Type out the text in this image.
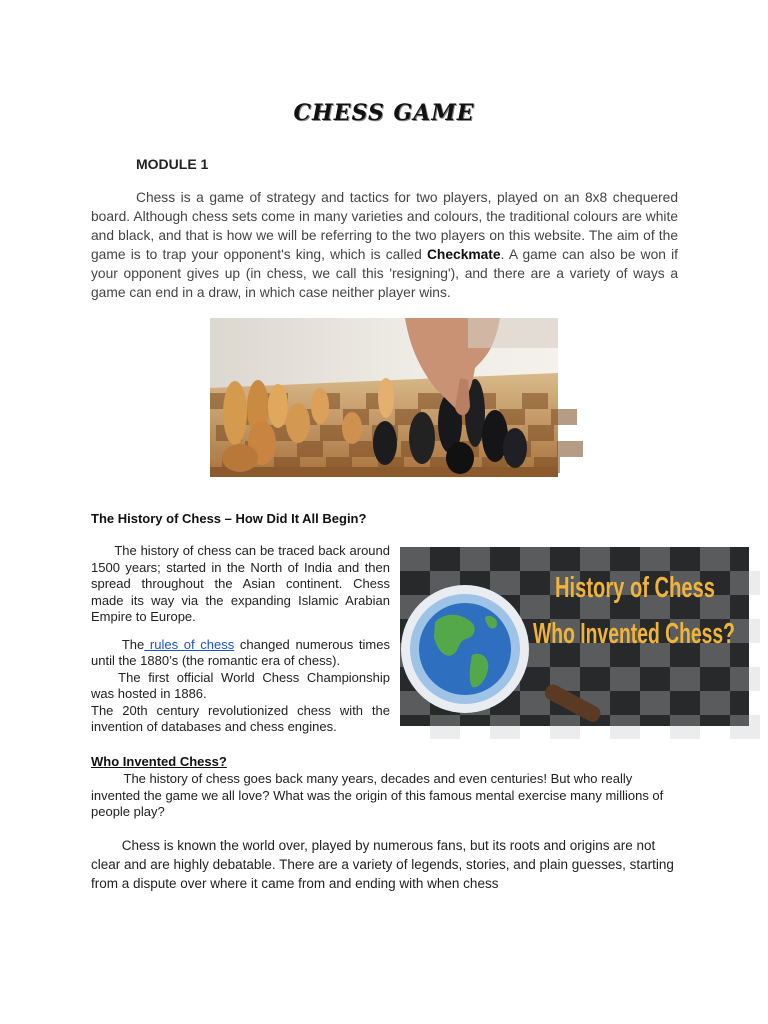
CHESS GAME
MODULE 1

Chess is a game of strategy and tactics for two players, played on an 8x8 chequered board. Although chess sets come in many varieties and colours, the traditional colours are white and black, and that is how we will be referring to the two players on this website. The aim of the game is to trap your opponent's king, which is called Checkmate. A game can also be won if your opponent gives up (in chess, we call this 'resigning'), and there are a variety of ways a game can end in a draw, in which case neither player wins.

The History of Chess – How Did It All Begin?

   The history of chess can be traced back around 1500 years; started in the North of India and then spread throughout the Asian continent. Chess made its way via the expanding Islamic Arabian Empire to Europe.

    The rules of chess changed numerous times until the 1880’s (the romantic era of chess).

   The first official World Chess Championship was hosted in 1886.

The 20th century revolutionized chess with the invention of databases and chess engines.

History of Chess
Who Invented Chess?
Who Invented Chess?

   The history of chess goes back many years, decades and even centuries! But who really invented the game we all love? What was the origin of this famous mental exercise many millions of people play?

   Chess is known the world over, played by numerous fans, but its roots and origins are not clear and are highly debatable. There are a variety of legends, stories, and plain guesses, starting from a dispute over where it came from and ending with when chess
